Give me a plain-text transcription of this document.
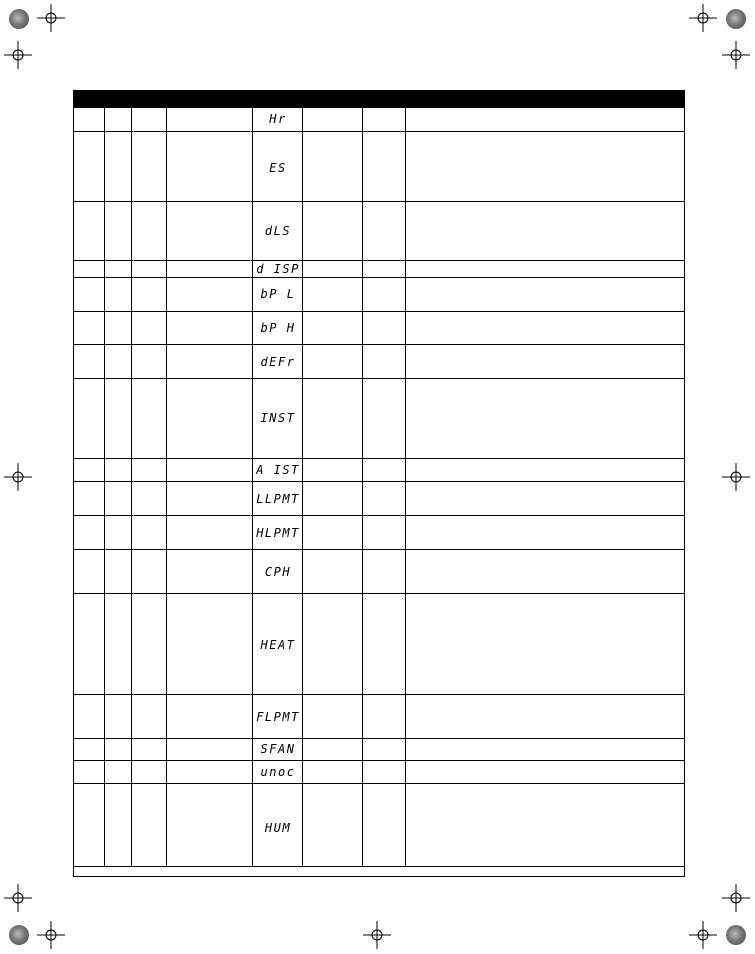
Hr
ES
dLS
d ISP
bP L
bP H
dEFr
INST
A IST
LLPMT
HLPMT
CPH
HEAT
FLPMT
SFAN
unoc
HUM
